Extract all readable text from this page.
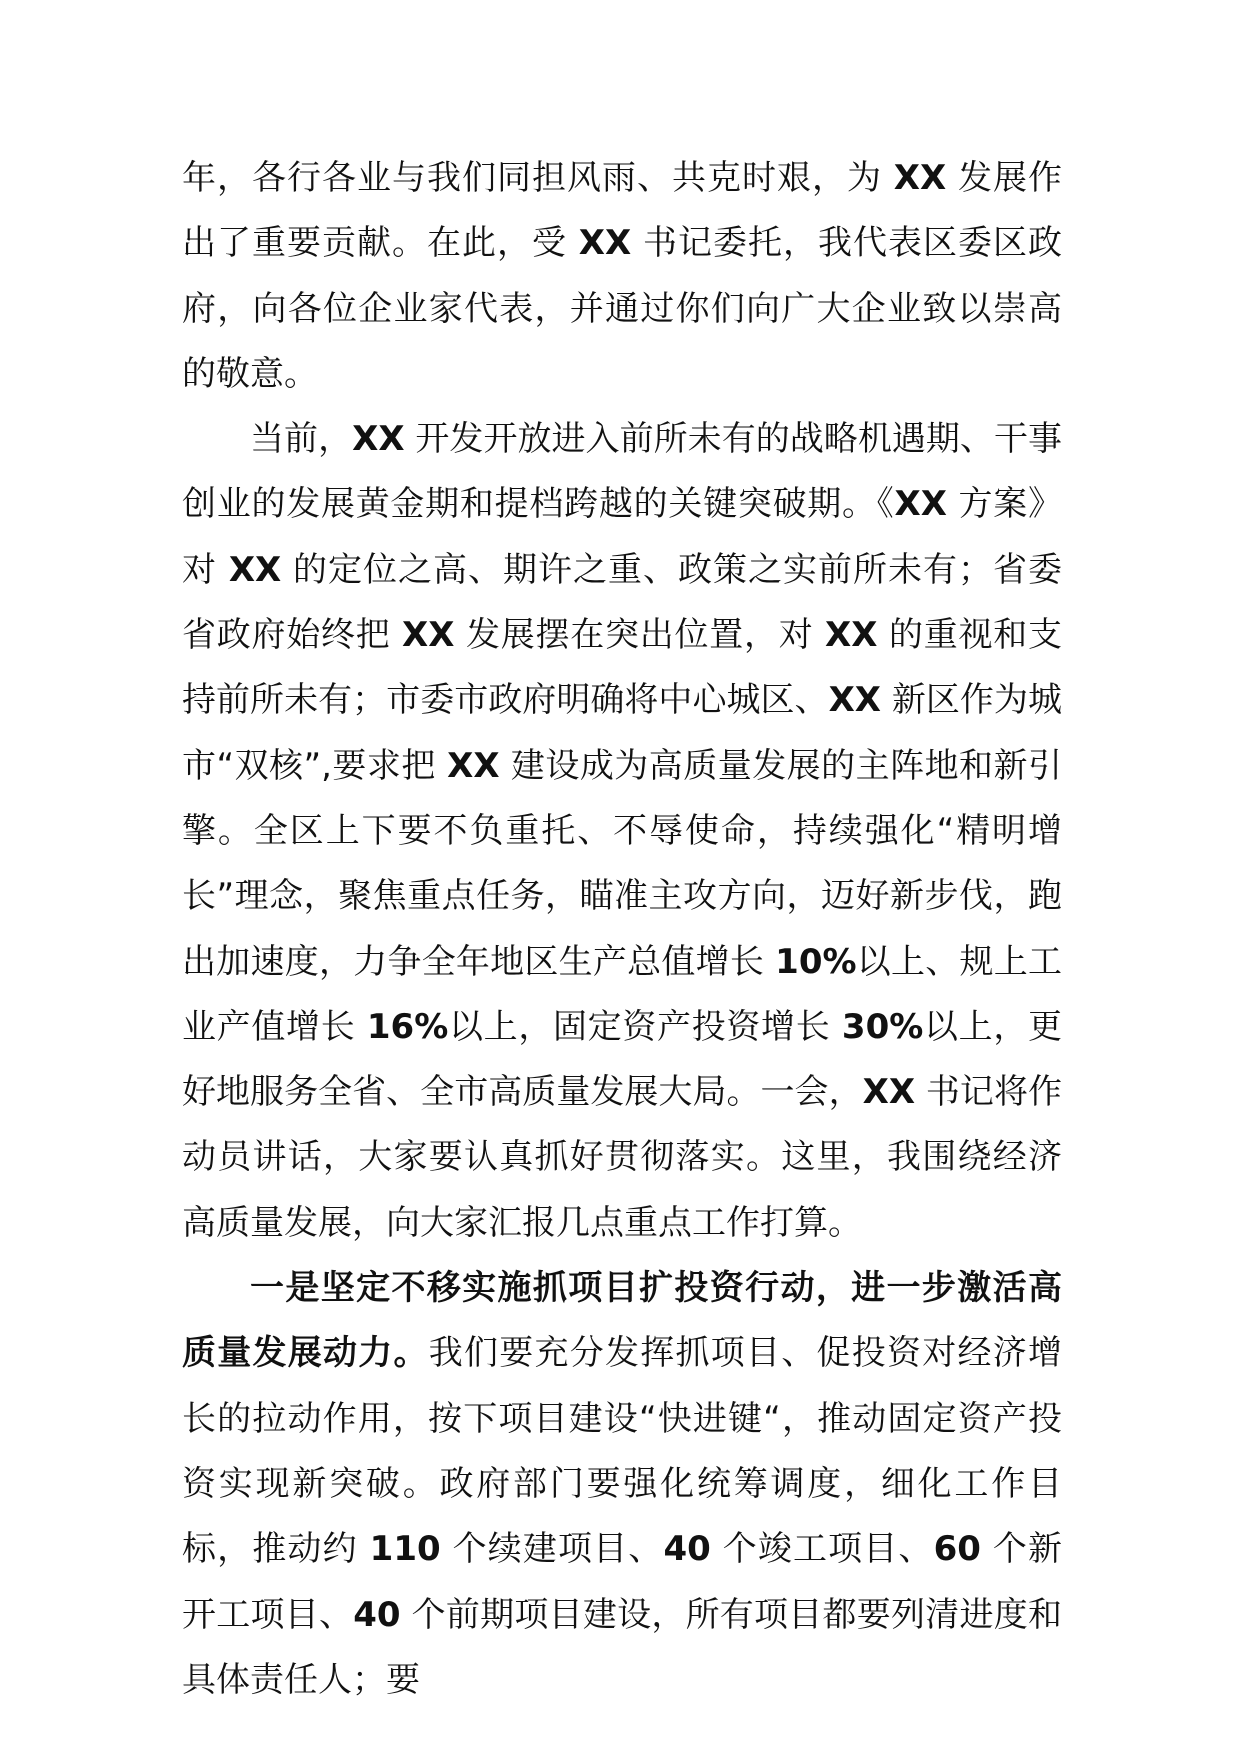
年，各行各业与我们同担风雨、共克时艰，为 XX 发展作出了重要贡献。在此，受 XX 书记委托，我代表区委区政府，向各位企业家代表，并通过你们向广大企业致以崇高的敬意。

当前，XX 开发开放进入前所未有的战略机遇期、干事创业的发展黄金期和提档跨越的关键突破期。《XX 方案》对 XX 的定位之高、期许之重、政策之实前所未有；省委省政府始终把 XX 发展摆在突出位置，对 XX 的重视和支持前所未有；市委市政府明确将中心城区、XX 新区作为城市“双核”,要求把 XX 建设成为高质量发展的主阵地和新引擎。全区上下要不负重托、不辱使命，持续强化“精明增长”理念，聚焦重点任务，瞄准主攻方向，迈好新步伐，跑出加速度，力争全年地区生产总值增长 10%以上、规上工业产值增长 16%以上，固定资产投资增长 30%以上，更好地服务全省、全市高质量发展大局。一会，XX 书记将作动员讲话，大家要认真抓好贯彻落实。这里，我围绕经济高质量发展，向大家汇报几点重点工作打算。

一是坚定不移实施抓项目扩投资行动，进一步激活高质量发展动力。我们要充分发挥抓项目、促投资对经济增长的拉动作用，按下项目建设“快进键“，推动固定资产投资实现新突破。政府部门要强化统筹调度，细化工作目标，推动约 110 个续建项目、40 个竣工项目、60 个新开工项目、40 个前期项目建设，所有项目都要列清进度和具体责任人；要
